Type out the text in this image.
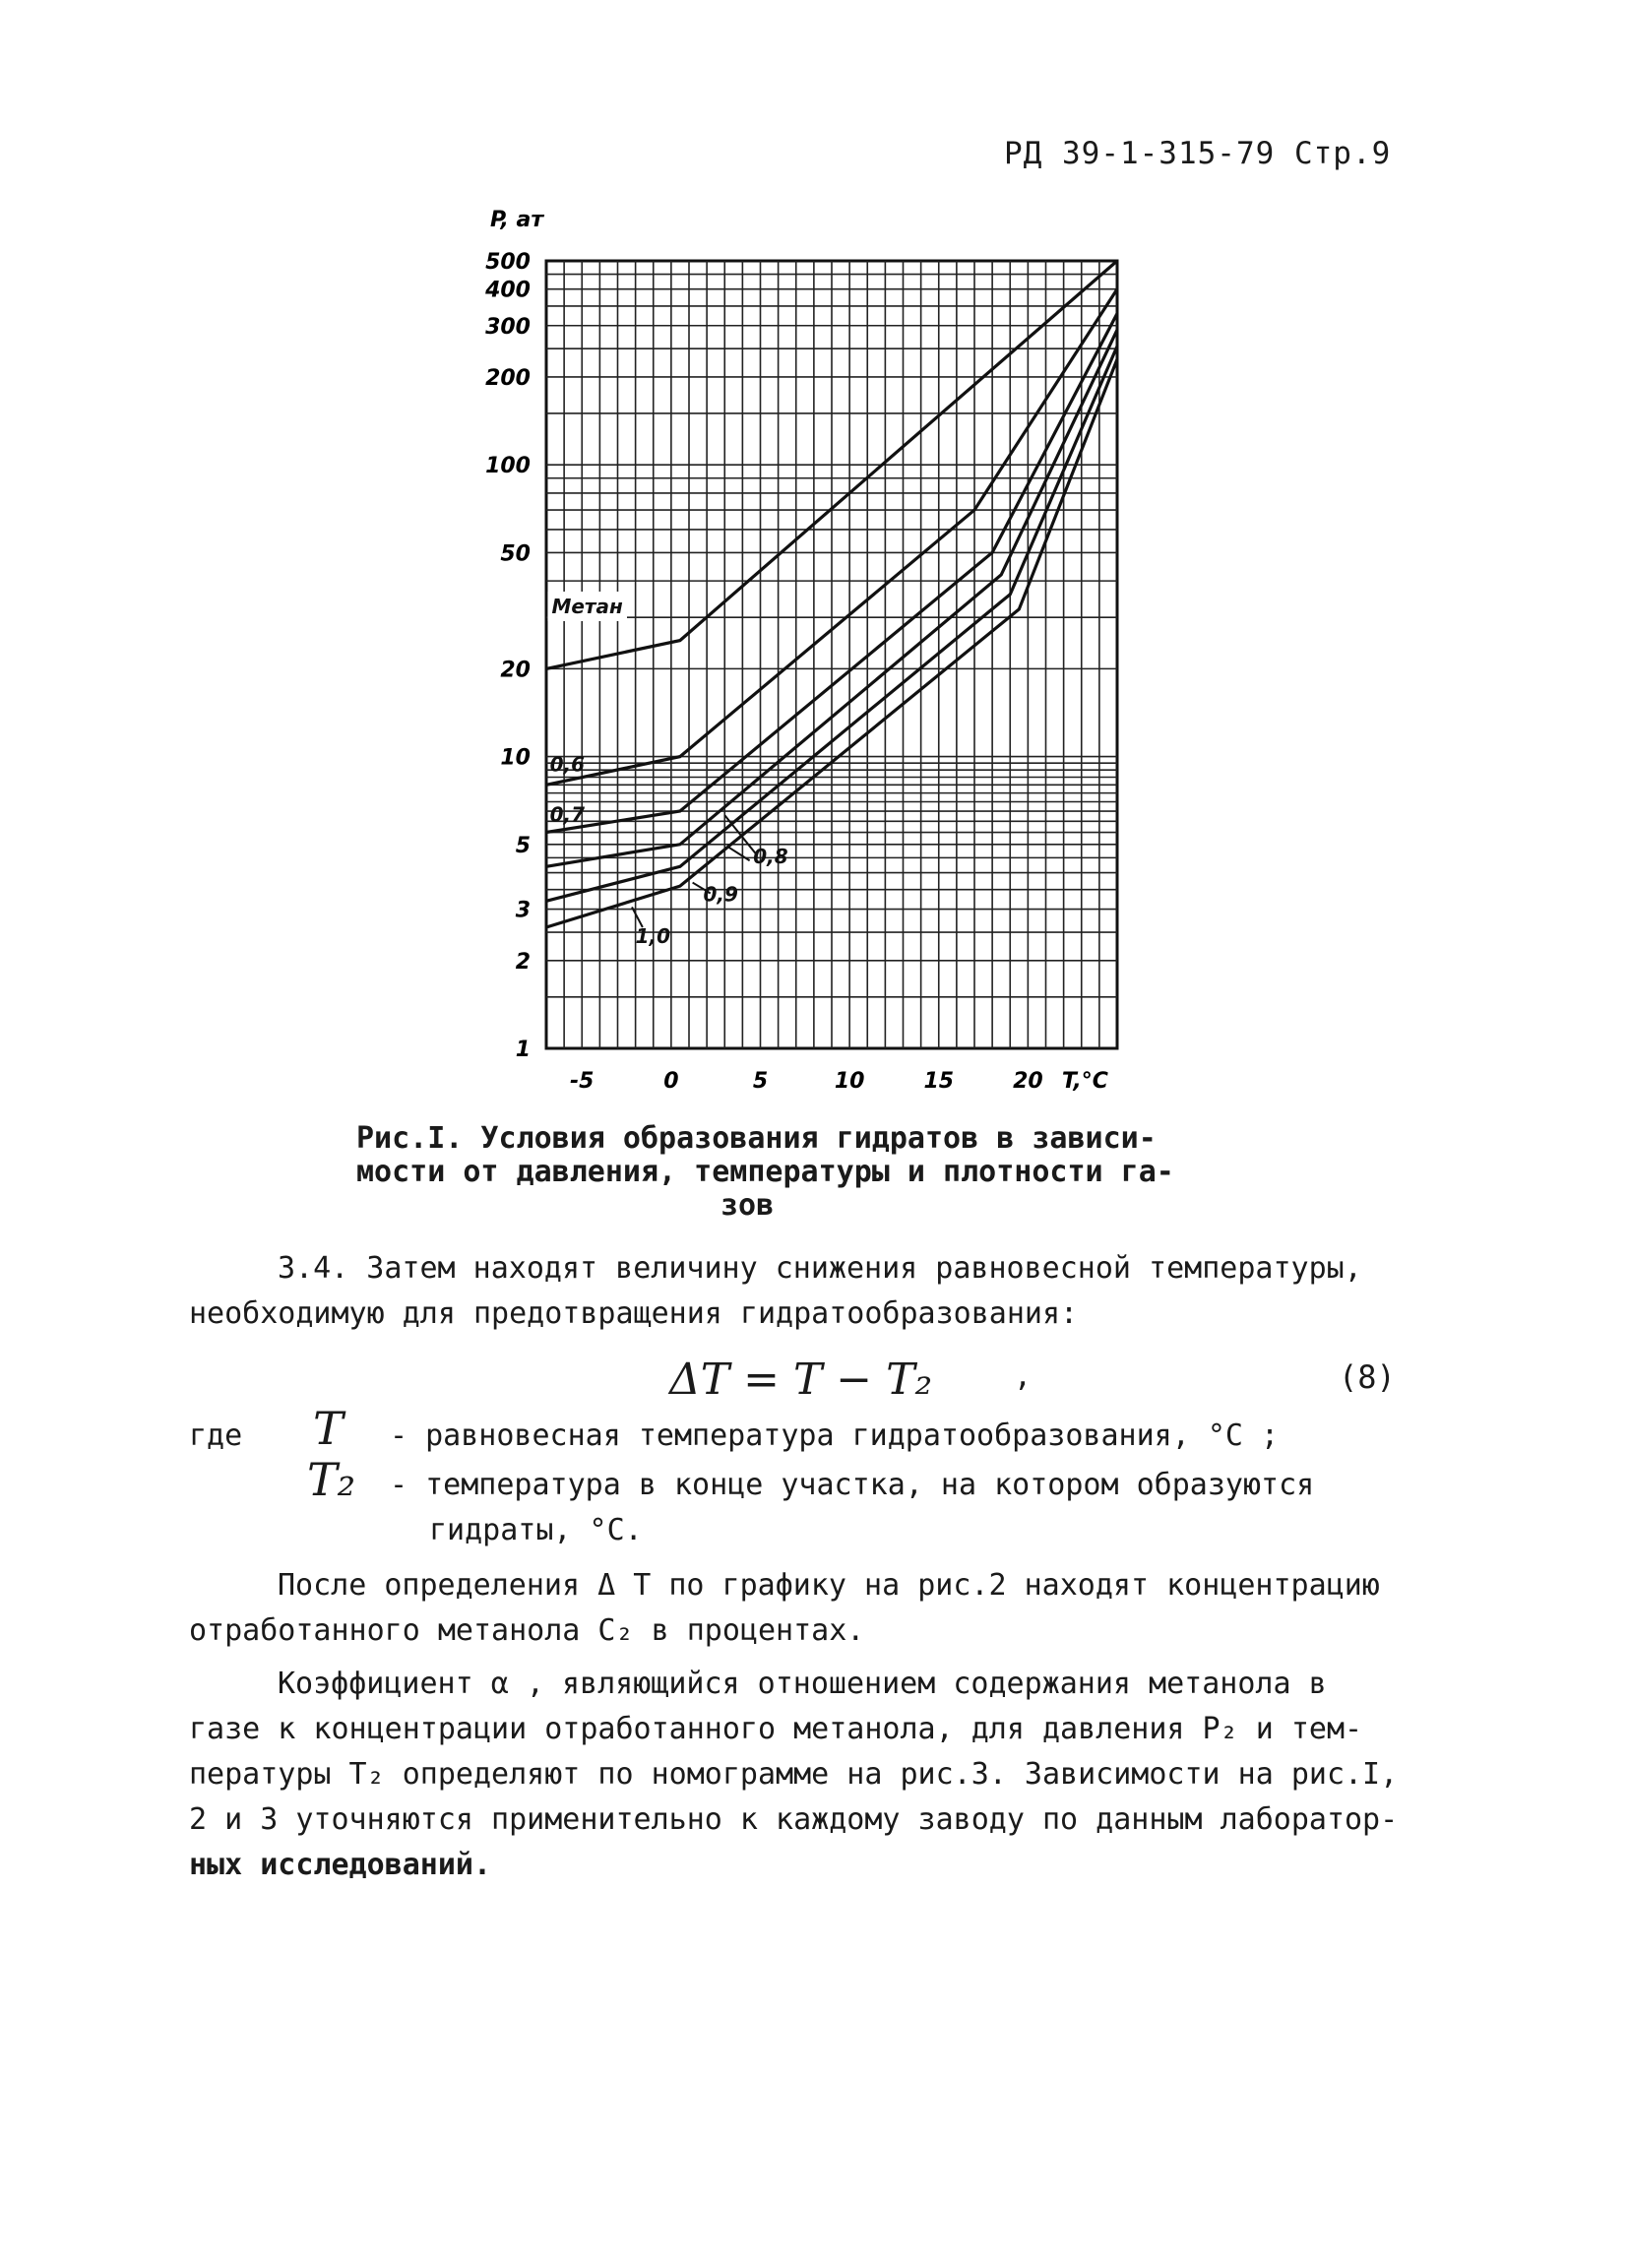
РД 39-1-315-79 Стр.9
P, ат
500
400
300
200
100
50
20
10
5
3
2
1
-5	0	5	10	15	20 T,°C
Метан
0,6
0,7
0,8
0,9
1,0
Рис.I. Условия образования гидратов в зависи-
мости от давления, температуры и плотности га-
зов
3.4. Затем находят величину снижения равновесной температуры,
необходимую для предотвращения гидратообразования:
ΔT = T − T₂	,	(8)
где T - равновесная температура гидратообразования, °С ;
T₂ - температура в конце участка, на котором образуются
гидраты, °С.
После определения Δ T по графику на рис.2 находят концентрацию
отработанного метанола C₂ в процентах.
Коэффициент α , являющийся отношением содержания метанола в
газе к концентрации отработанного метанола, для давления P₂ и тем-
пературы T₂ определяют по номограмме на рис.3. Зависимости на рис.I,
2 и 3 уточняются применительно к каждому заводу по данным лаборатор-
ных исследований.
